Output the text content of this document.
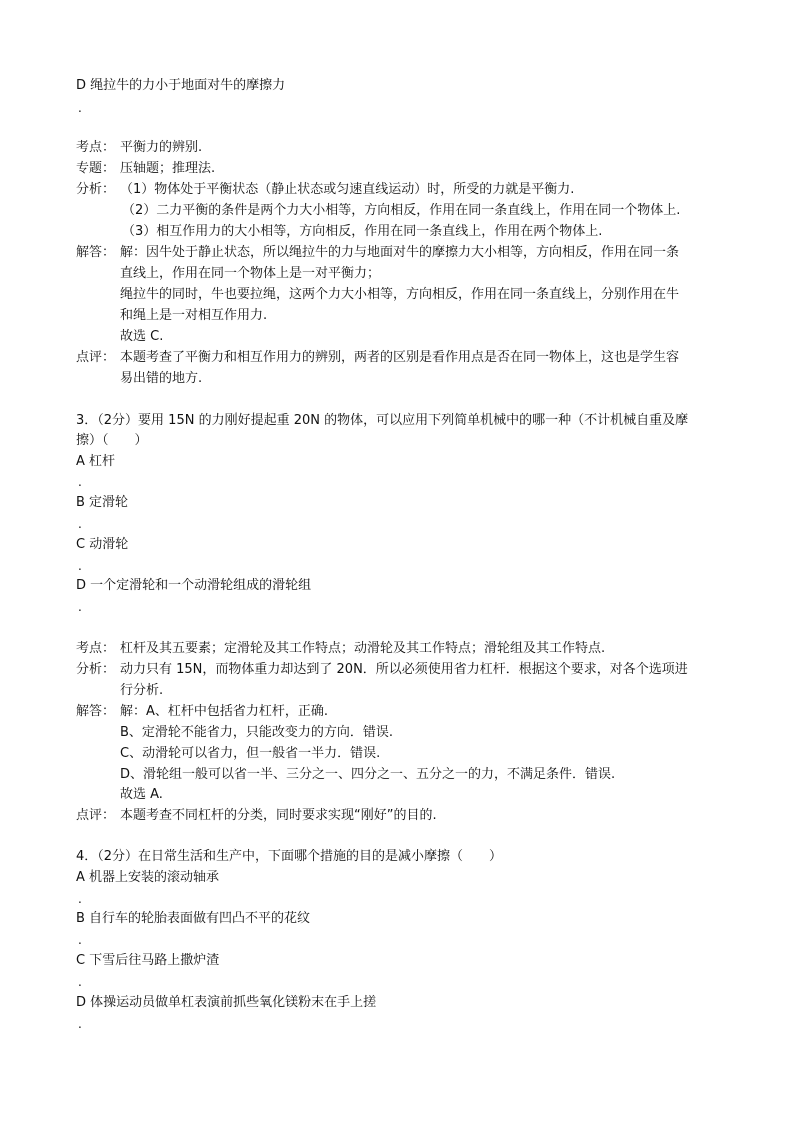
D 绳拉牛的力小于地面对牛的摩擦力
.
考点： 平衡力的辨别.
专题： 压轴题；推理法.
分析： （1）物体处于平衡状态（静止状态或匀速直线运动）时，所受的力就是平衡力.
（2）二力平衡的条件是两个力大小相等，方向相反，作用在同一条直线上，作用在同一个物体上.
（3）相互作用力的大小相等，方向相反，作用在同一条直线上，作用在两个物体上.
解答： 解：因牛处于静止状态，所以绳拉牛的力与地面对牛的摩擦力大小相等，方向相反，作用在同一条
直线上，作用在同一个物体上是一对平衡力；
绳拉牛的同时，牛也要拉绳，这两个力大小相等，方向相反，作用在同一条直线上，分别作用在牛
和绳上是一对相互作用力.
故选 C.
点评： 本题考查了平衡力和相互作用力的辨别，两者的区别是看作用点是否在同一物体上，这也是学生容
易出错的地方.
3．（2分）要用 15N 的力刚好提起重 20N 的物体，可以应用下列简单机械中的哪一种（不计机械自重及摩
擦）（　　）
A 杠杆
.
B 定滑轮
.
C 动滑轮
.
D 一个定滑轮和一个动滑轮组成的滑轮组
.
考点： 杠杆及其五要素；定滑轮及其工作特点；动滑轮及其工作特点；滑轮组及其工作特点.
分析： 动力只有 15N，而物体重力却达到了 20N．所以必须使用省力杠杆．根据这个要求，对各个选项进
行分析.
解答： 解：A、杠杆中包括省力杠杆，正确.
B、定滑轮不能省力，只能改变力的方向．错误.
C、动滑轮可以省力，但一般省一半力．错误.
D、滑轮组一般可以省一半、三分之一、四分之一、五分之一的力，不满足条件．错误.
故选 A.
点评： 本题考查不同杠杆的分类，同时要求实现“刚好”的目的.
4．（2分）在日常生活和生产中，下面哪个措施的目的是减小摩擦（　　）
A 机器上安装的滚动轴承
.
B 自行车的轮胎表面做有凹凸不平的花纹
.
C 下雪后往马路上撒炉渣
.
D 体操运动员做单杠表演前抓些氧化镁粉末在手上搓
.
